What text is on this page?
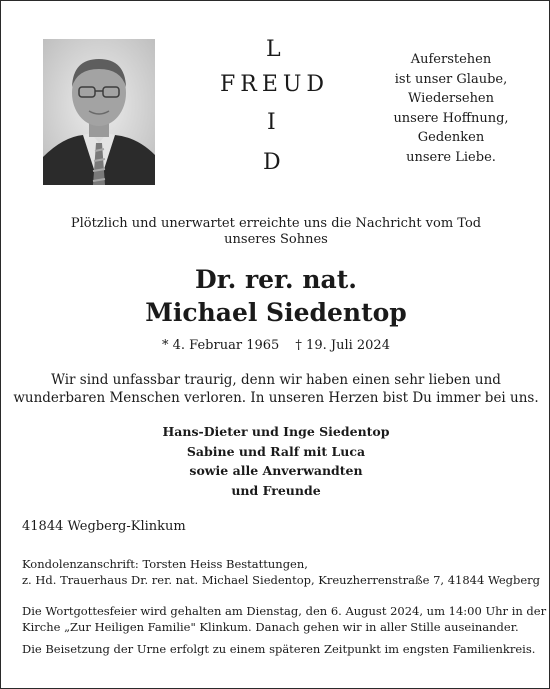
L
FREUD
I
D
Auferstehen
ist unser Glaube,
Wiedersehen
unsere Hoffnung,
Gedenken
unsere Liebe.
Plötzlich und unerwartet erreichte uns die Nachricht vom Tod
unseres Sohnes
Dr. rer. nat.
Michael Siedentop
* 4. Februar 1965 † 19. Juli 2024
Wir sind unfassbar traurig, denn wir haben einen sehr lieben und
wunderbaren Menschen verloren. In unseren Herzen bist Du immer bei uns.
Hans-Dieter und Inge Siedentop
Sabine und Ralf mit Luca
sowie alle Anverwandten
und Freunde
41844 Wegberg-Klinkum
Kondolenzanschrift: Torsten Heiss Bestattungen,
z. Hd. Trauerhaus Dr. rer. nat. Michael Siedentop, Kreuzherrenstraße 7, 41844 Wegberg
Die Wortgottesfeier wird gehalten am Dienstag, den 6. August 2024, um 14:00 Uhr in der
Kirche „Zur Heiligen Familie" Klinkum. Danach gehen wir in aller Stille auseinander.
Die Beisetzung der Urne erfolgt zu einem späteren Zeitpunkt im engsten Familienkreis.
